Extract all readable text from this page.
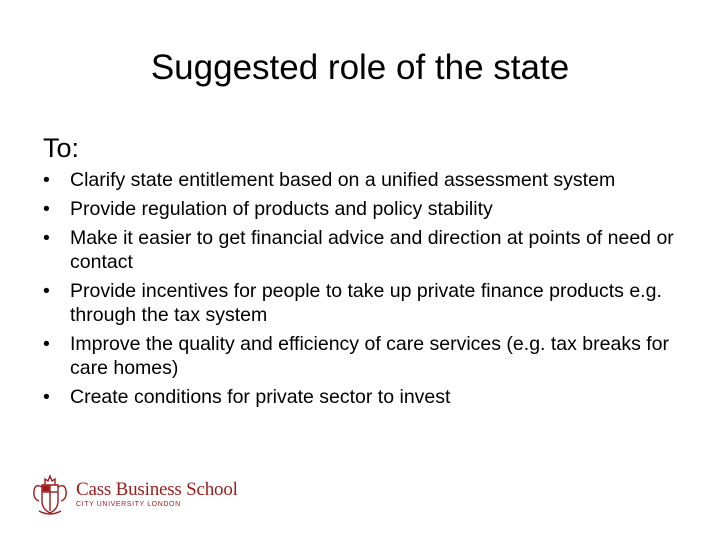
Suggested role of the state
To:
• Clarify state entitlement based on a unified assessment system
• Provide regulation of products and policy stability
• Make it easier to get financial advice and direction at points of need or contact
• Provide incentives for people to take up private finance products e.g. through the tax system
• Improve the quality and efficiency of care services (e.g. tax breaks for care homes)
• Create conditions for private sector to invest
Cass Business School
CITY UNIVERSITY LONDON
